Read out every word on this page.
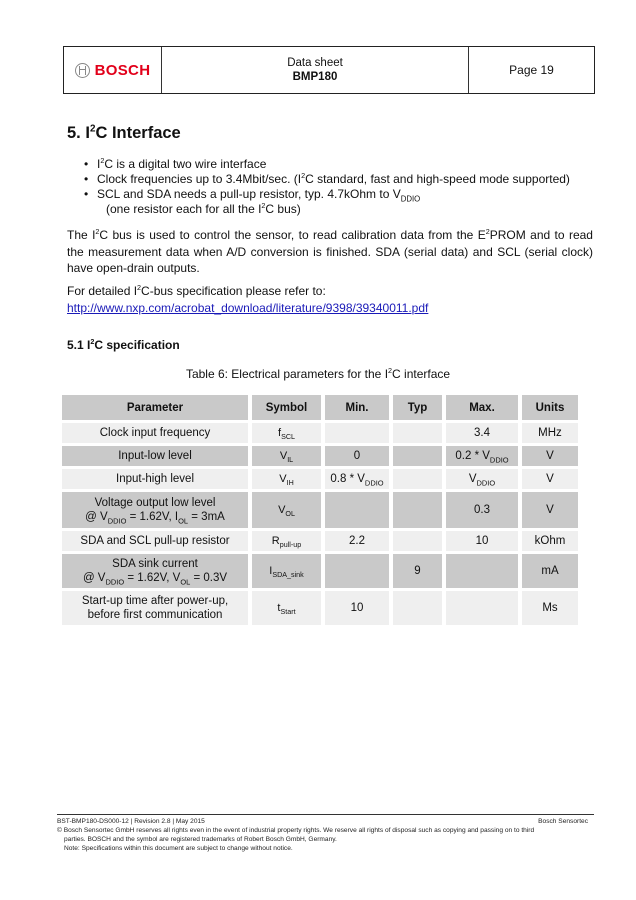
BOSCH	Data sheet
BMP180	Page 19
5. $I^2C$ Interface
• $I^2C$ is a digital two wire interface
• Clock frequencies up to 3.4Mbit/sec. ($I^2C$ standard, fast and high-speed mode supported)
• SCL and SDA needs a pull-up resistor, typ. 4.7kOhm to $V_{DDIO}$
(one resistor each for all the $I^2C$ bus)
The $I^2C$ bus is used to control the sensor, to read calibration data from the $E^2PROM$ and to read the measurement data when A/D conversion is finished. SDA (serial data) and SCL (serial clock) have open-drain outputs.
For detailed $I^2C$-bus specification please refer to:
http://www.nxp.com/acrobat_download/literature/9398/39340011.pdf
5.1 $I^2C$ specification
Table 6: Electrical parameters for the $I^2C$ interface
Parameter	Symbol	Min.	Typ	Max.	Units
Clock input frequency	$f_{SCL}$			3.4	MHz
Input-low level	$V_{IL}$	0		$0.2 * V_{DDIO}$	V
Input-high level	$V_{IH}$	$0.8 * V_{DDIO}$		$V_{DDIO}$	V
Voltage output low level
@ $V_{DDIO} = 1.62V$, $I_{OL} = 3mA$	$V_{OL}$			0.3	V
SDA and SCL pull-up resistor	$R_{pull-up}$	2.2		10	kOhm
SDA sink current
@ $V_{DDIO} = 1.62V$, $V_{OL} = 0.3V$	$I_{SDA\_sink}$		9		mA
Start-up time after power-up,
before first communication	$t_{Start}$	10			Ms
BST-BMP180-DS000-12 | Revision 2.8 | May 2015	Bosch Sensortec
© Bosch Sensortec GmbH reserves all rights even in the event of industrial property rights. We reserve all rights of disposal such as copying and passing on to third
parties. BOSCH and the symbol are registered trademarks of Robert Bosch GmbH, Germany.
Note: Specifications within this document are subject to change without notice.
